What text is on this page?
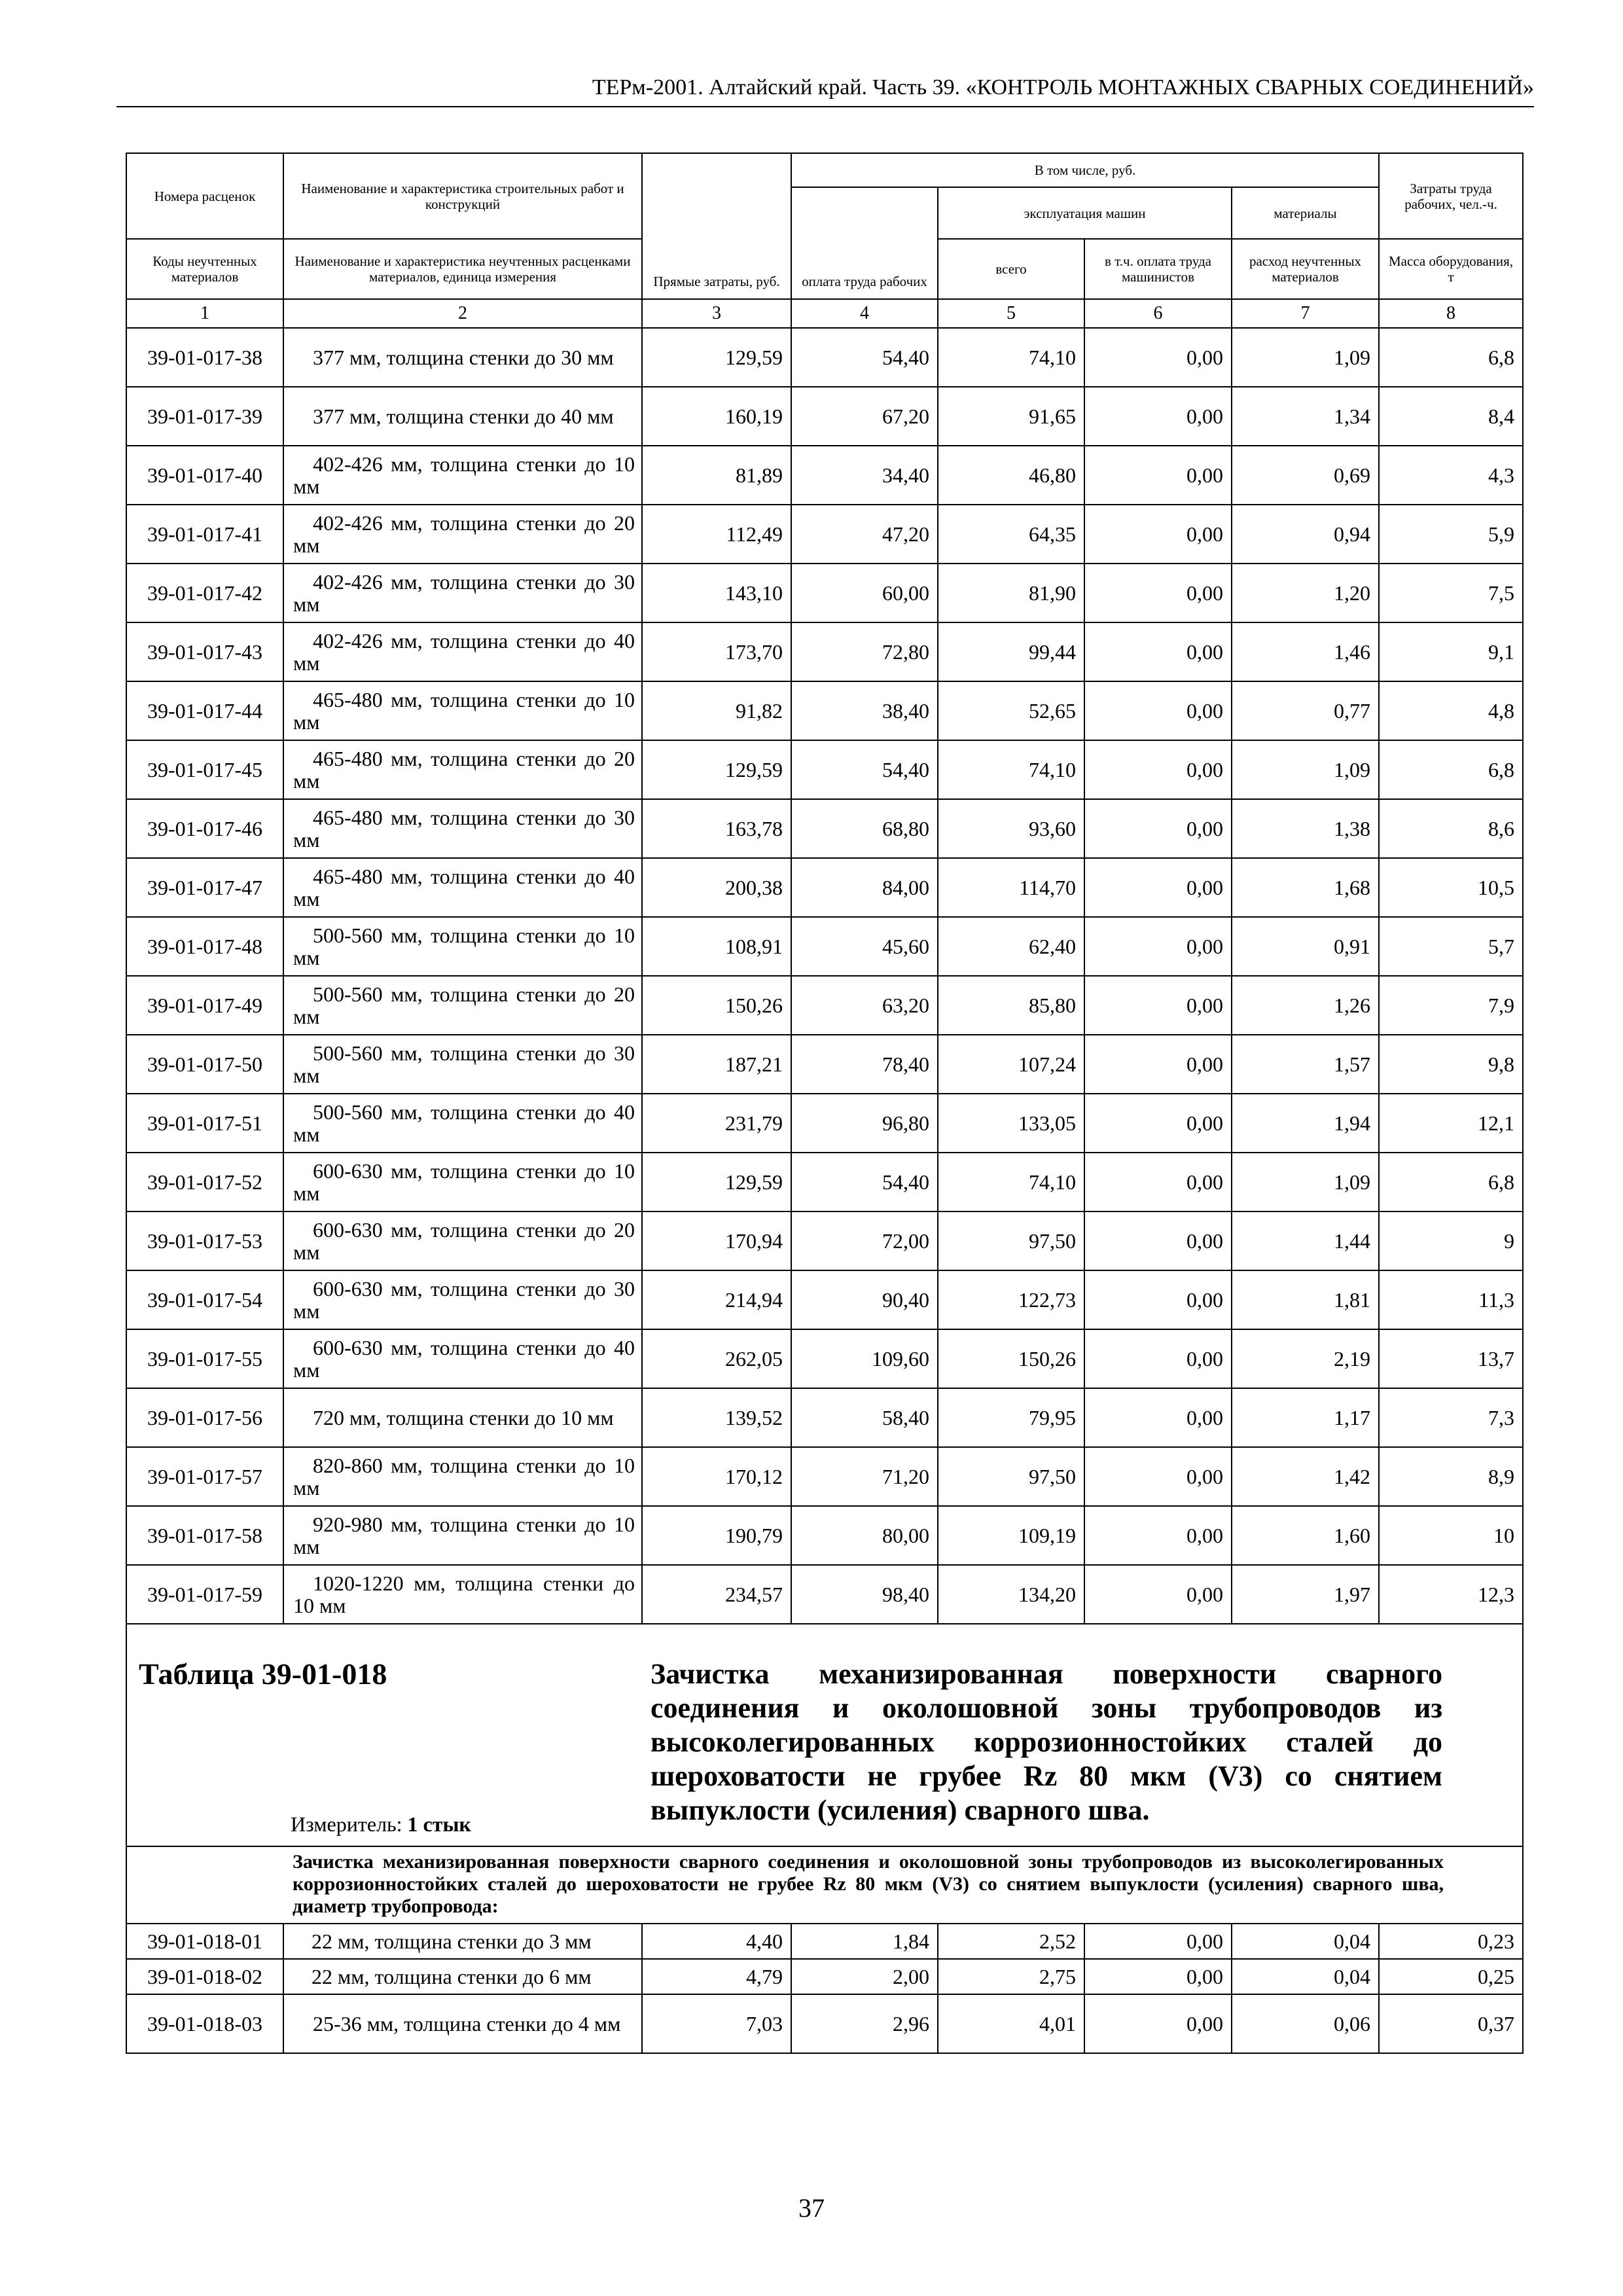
ТЕРм-2001. Алтайский край. Часть 39. «КОНТРОЛЬ МОНТАЖНЫХ СВАРНЫХ СОЕДИНЕНИЙ»
Номера расценок	Наименование и характеристика строительных работ и конструкций	Прямые затраты, руб.	В том числе, руб.				Затраты труда рабочих, чел.-ч.
			оплата труда рабочих	эксплуатация машин		материалы	
Коды неучтенных материалов	Наименование и характеристика неучтенных расценками материалов, единица измерения			всего	в т.ч. оплата труда машинистов	расход неучтенных материалов	Масса оборудования, т
1	2	3	4	5	6	7	8
39-01-017-38	377 мм, толщина стенки до 30 мм	129,59	54,40	74,10	0,00	1,09	6,8
39-01-017-39	377 мм, толщина стенки до 40 мм	160,19	67,20	91,65	0,00	1,34	8,4
39-01-017-40	402-426 мм, толщина стенки до 10 мм	81,89	34,40	46,80	0,00	0,69	4,3
39-01-017-41	402-426 мм, толщина стенки до 20 мм	112,49	47,20	64,35	0,00	0,94	5,9
39-01-017-42	402-426 мм, толщина стенки до 30 мм	143,10	60,00	81,90	0,00	1,20	7,5
39-01-017-43	402-426 мм, толщина стенки до 40 мм	173,70	72,80	99,44	0,00	1,46	9,1
39-01-017-44	465-480 мм, толщина стенки до 10 мм	91,82	38,40	52,65	0,00	0,77	4,8
39-01-017-45	465-480 мм, толщина стенки до 20 мм	129,59	54,40	74,10	0,00	1,09	6,8
39-01-017-46	465-480 мм, толщина стенки до 30 мм	163,78	68,80	93,60	0,00	1,38	8,6
39-01-017-47	465-480 мм, толщина стенки до 40 мм	200,38	84,00	114,70	0,00	1,68	10,5
39-01-017-48	500-560 мм, толщина стенки до 10 мм	108,91	45,60	62,40	0,00	0,91	5,7
39-01-017-49	500-560 мм, толщина стенки до 20 мм	150,26	63,20	85,80	0,00	1,26	7,9
39-01-017-50	500-560 мм, толщина стенки до 30 мм	187,21	78,40	107,24	0,00	1,57	9,8
39-01-017-51	500-560 мм, толщина стенки до 40 мм	231,79	96,80	133,05	0,00	1,94	12,1
39-01-017-52	600-630 мм, толщина стенки до 10 мм	129,59	54,40	74,10	0,00	1,09	6,8
39-01-017-53	600-630 мм, толщина стенки до 20 мм	170,94	72,00	97,50	0,00	1,44	9
39-01-017-54	600-630 мм, толщина стенки до 30 мм	214,94	90,40	122,73	0,00	1,81	11,3
39-01-017-55	600-630 мм, толщина стенки до 40 мм	262,05	109,60	150,26	0,00	2,19	13,7
39-01-017-56	720 мм, толщина стенки до 10 мм	139,52	58,40	79,95	0,00	1,17	7,3
39-01-017-57	820-860 мм, толщина стенки до 10 мм	170,12	71,20	97,50	0,00	1,42	8,9
39-01-017-58	920-980 мм, толщина стенки до 10 мм	190,79	80,00	109,19	0,00	1,60	10
39-01-017-59	1020-1220 мм, толщина стенки до 10 мм	234,57	98,40	134,20	0,00	1,97	12,3

Таблица 39-01-018 Зачистка механизированная поверхности сварного соединения и околошовной зоны трубопроводов из высоколегированных коррозионностойких сталей до шероховатости не грубее Rz 80 мкм (V3) со снятием выпуклости (усиления) сварного шва.
Измеритель: 1 стык							

	Зачистка механизированная поверхности сварного соединения и околошовной зоны трубопроводов из высоколегированных коррозионностойких сталей до шероховатости не грубее Rz 80 мкм (V3) со снятием выпуклости (усиления) сварного шва, диаметр трубопровода:						
39-01-018-01	22 мм, толщина стенки до 3 мм	4,40	1,84	2,52	0,00	0,04	0,23
39-01-018-02	22 мм, толщина стенки до 6 мм	4,79	2,00	2,75	0,00	0,04	0,25
39-01-018-03	25-36 мм, толщина стенки до 4 мм	7,03	2,96	4,01	0,00	0,06	0,37
37
